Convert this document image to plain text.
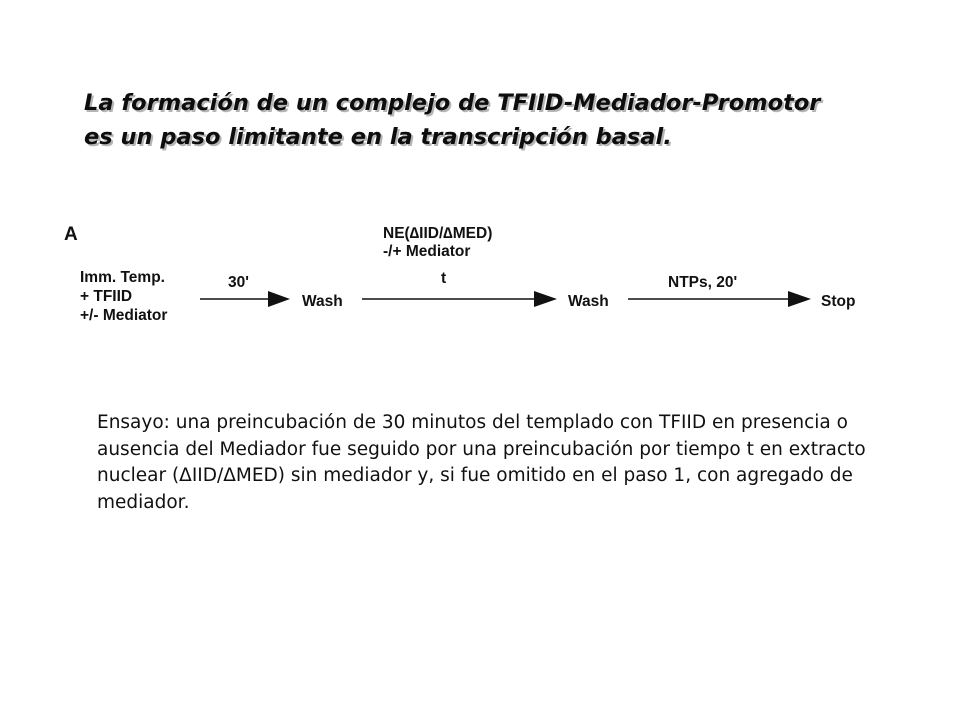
La formación de un complejo de TFIID-Mediador-Promotor
es un paso limitante en la transcripción basal.
A
Imm. Temp.
+ TFIID
+/- Mediator
30'
Wash
NE(∆IID/∆MED)
-/+ Mediator
t
Wash
NTPs, 20'
Stop

Ensayo: una preincubación de 30 minutos del templado con TFIID en presencia o ausencia del Mediador fue seguido por una preincubación por tiempo t en extracto nuclear (ΔIID/ΔMED) sin mediador y, si fue omitido en el paso 1, con agregado de mediador.
